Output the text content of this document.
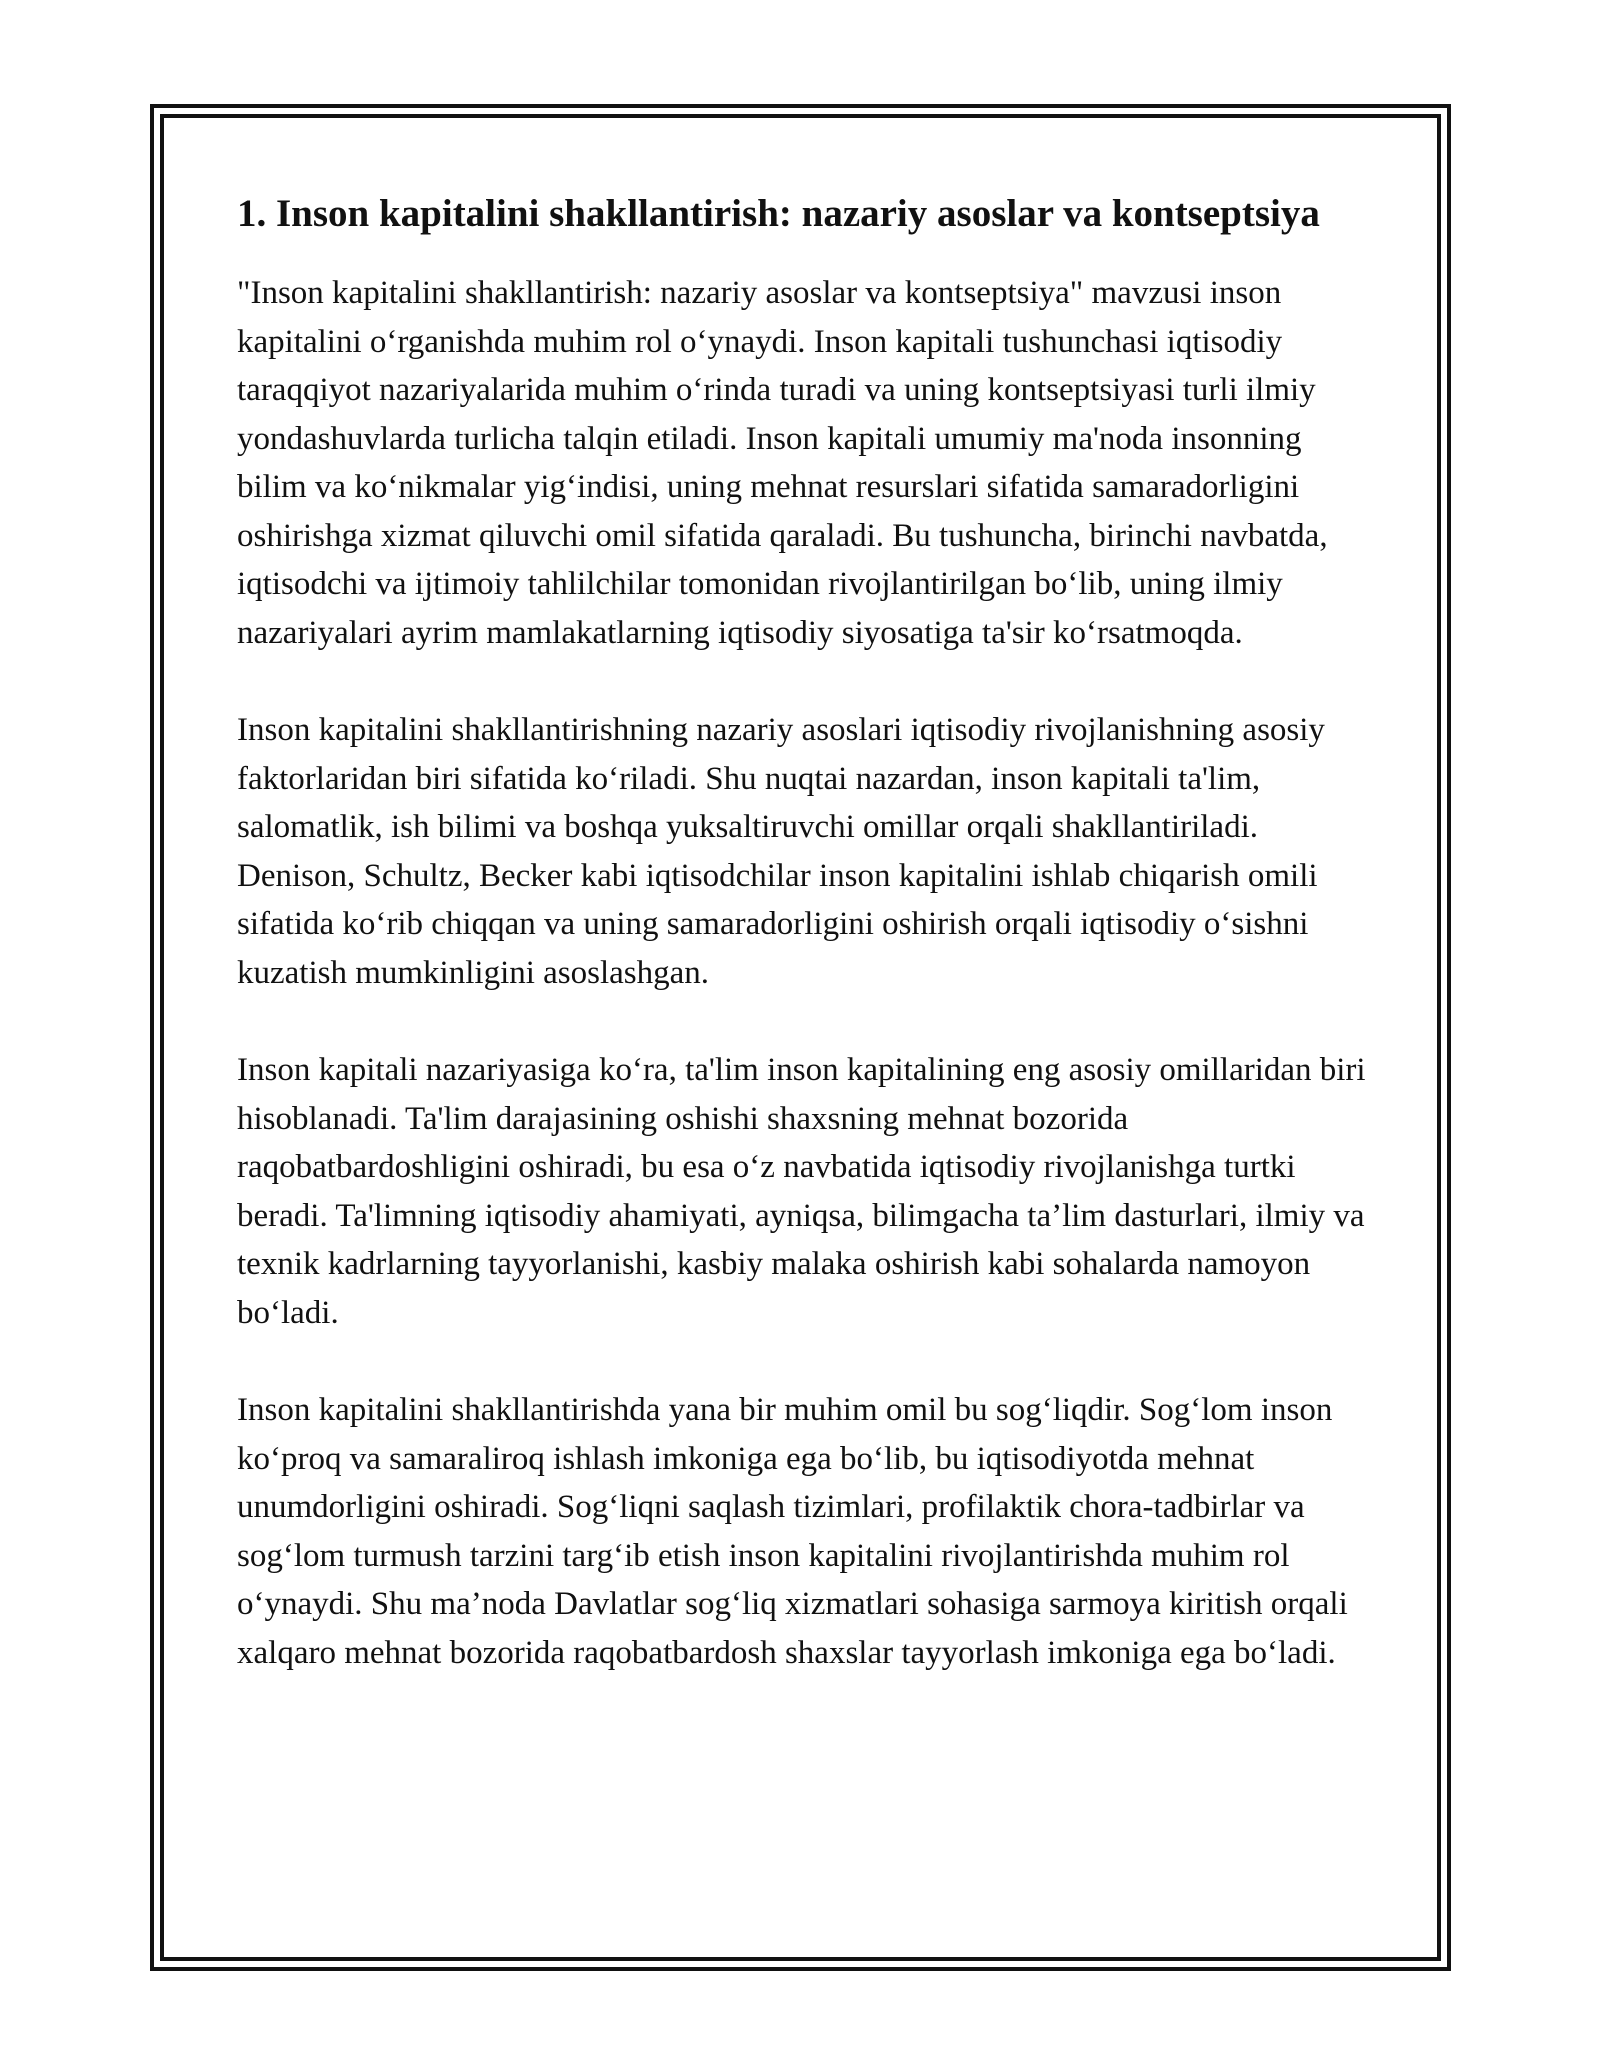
1. Inson kapitalini shakllantirish: nazariy asoslar va kontseptsiya

"Inson kapitalini shakllantirish: nazariy asoslar va kontseptsiya" mavzusi inson kapitalini oʻrganishda muhim rol oʻynaydi. Inson kapitali tushunchasi iqtisodiy taraqqiyot nazariyalarida muhim oʻrinda turadi va uning kontseptsiyasi turli ilmiy yondashuvlarda turlicha talqin etiladi. Inson kapitali umumiy ma'noda insonning bilim va koʻnikmalar yigʻindisi, uning mehnat resurslari sifatida samaradorligini oshirishga xizmat qiluvchi omil sifatida qaraladi. Bu tushuncha, birinchi navbatda, iqtisodchi va ijtimoiy tahlilchilar tomonidan rivojlantirilgan boʻlib, uning ilmiy nazariyalari ayrim mamlakatlarning iqtisodiy siyosatiga ta'sir koʻrsatmoqda.

Inson kapitalini shakllantirishning nazariy asoslari iqtisodiy rivojlanishning asosiy faktorlaridan biri sifatida koʻriladi. Shu nuqtai nazardan, inson kapitali ta'lim, salomatlik, ish bilimi va boshqa yuksaltiruvchi omillar orqali shakllantiriladi. Denison, Schultz, Becker kabi iqtisodchilar inson kapitalini ishlab chiqarish omili sifatida koʻrib chiqqan va uning samaradorligini oshirish orqali iqtisodiy oʻsishni kuzatish mumkinligini asoslashgan.

Inson kapitali nazariyasiga koʻra, ta'lim inson kapitalining eng asosiy omillaridan biri hisoblanadi. Ta'lim darajasining oshishi shaxsning mehnat bozorida raqobatbardoshligini oshiradi, bu esa oʻz navbatida iqtisodiy rivojlanishga turtki beradi. Ta'limning iqtisodiy ahamiyati, ayniqsa, bilimgacha ta’lim dasturlari, ilmiy va texnik kadrlarning tayyorlanishi, kasbiy malaka oshirish kabi sohalarda namoyon boʻladi.

Inson kapitalini shakllantirishda yana bir muhim omil bu sogʻliqdir. Sogʻlom inson koʻproq va samaraliroq ishlash imkoniga ega boʻlib, bu iqtisodiyotda mehnat unumdorligini oshiradi. Sogʻliqni saqlash tizimlari, profilaktik chora-tadbirlar va sogʻlom turmush tarzini targʻib etish inson kapitalini rivojlantirishda muhim rol oʻynaydi. Shu ma’noda Davlatlar sogʻliq xizmatlari sohasiga sarmoya kiritish orqali xalqaro mehnat bozorida raqobatbardosh shaxslar tayyorlash imkoniga ega boʻladi.
